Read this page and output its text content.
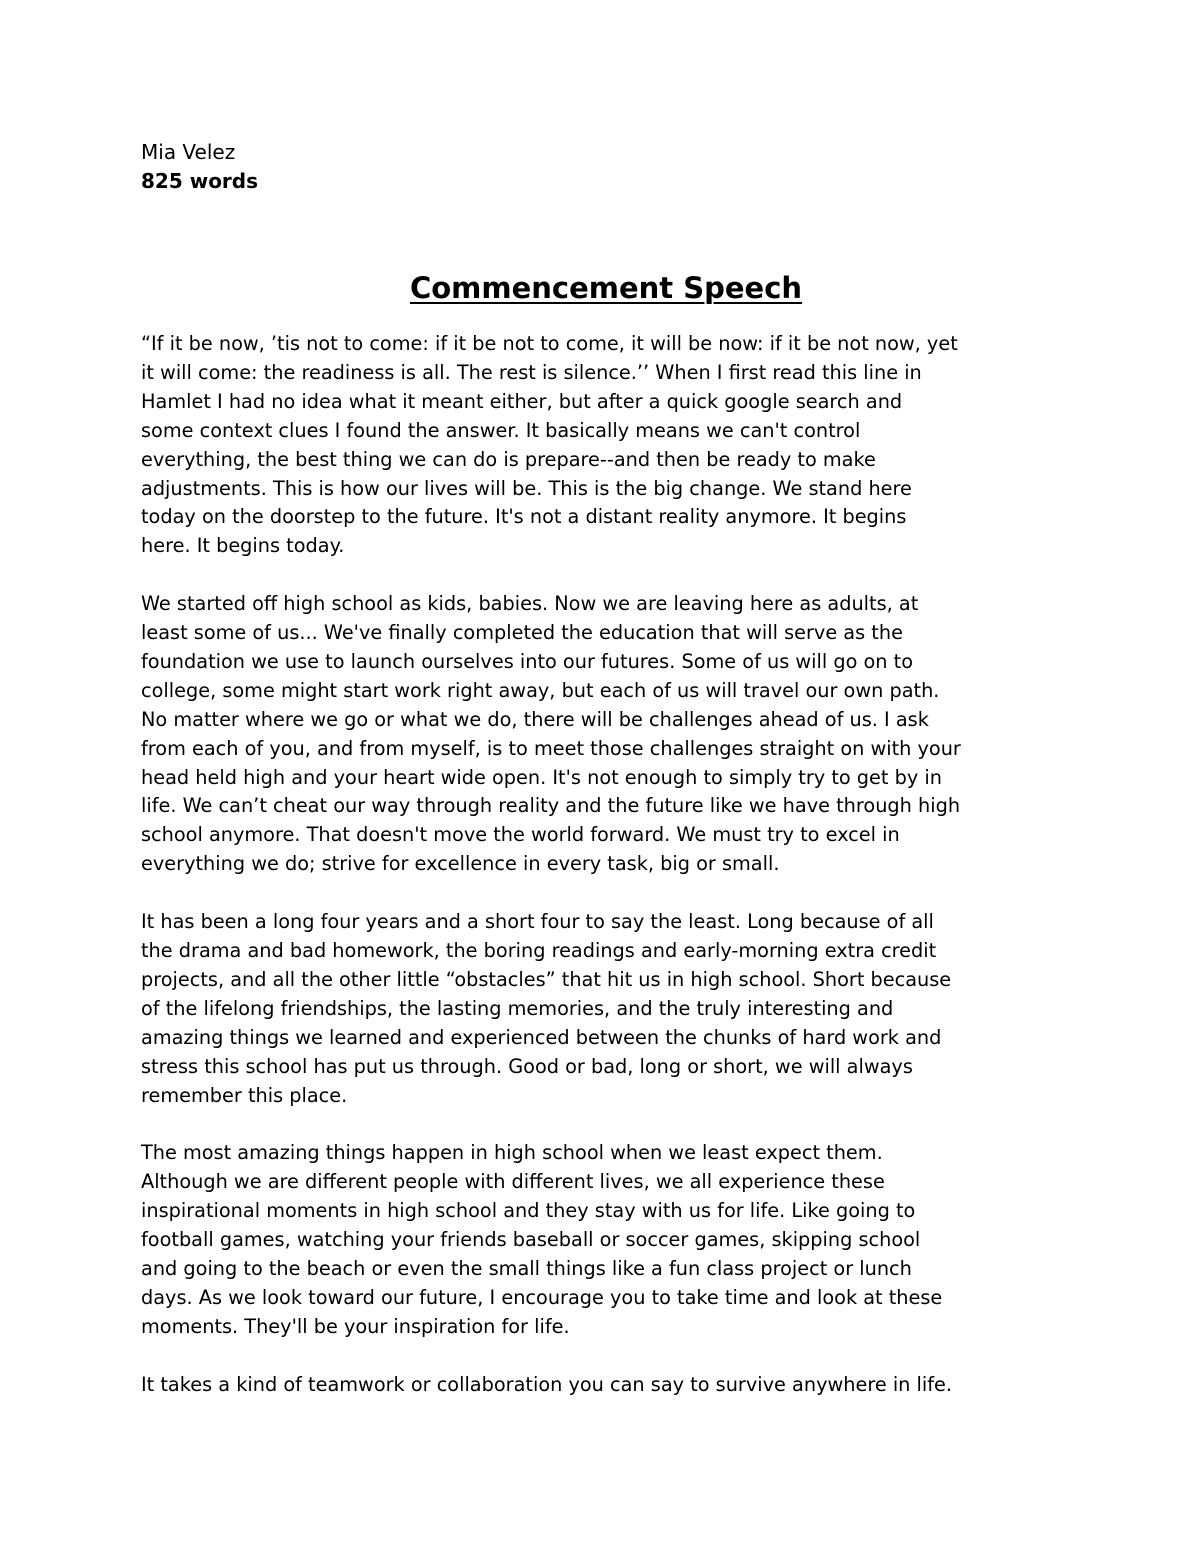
Mia Velez

825 words

Commencement Speech

“If it be now, ’tis not to come: if it be not to come, it will be now: if it be not now, yet
it will come: the readiness is all. The rest is silence.’’ When I first read this line in
Hamlet I had no idea what it meant either, but after a quick google search and
some context clues I found the answer. It basically means we can't control
everything, the best thing we can do is prepare--and then be ready to make
adjustments. This is how our lives will be. This is the big change. We stand here
today on the doorstep to the future. It's not a distant reality anymore. It begins
here. It begins today.

We started off high school as kids, babies. Now we are leaving here as adults, at
least some of us... We've finally completed the education that will serve as the
foundation we use to launch ourselves into our futures. Some of us will go on to
college, some might start work right away, but each of us will travel our own path.
No matter where we go or what we do, there will be challenges ahead of us. I ask
from each of you, and from myself, is to meet those challenges straight on with your
head held high and your heart wide open. It's not enough to simply try to get by in
life. We can’t cheat our way through reality and the future like we have through high
school anymore. That doesn't move the world forward. We must try to excel in
everything we do; strive for excellence in every task, big or small.

It has been a long four years and a short four to say the least. Long because of all
the drama and bad homework, the boring readings and early-morning extra credit
projects, and all the other little “obstacles” that hit us in high school. Short because
of the lifelong friendships, the lasting memories, and the truly interesting and
amazing things we learned and experienced between the chunks of hard work and
stress this school has put us through. Good or bad, long or short, we will always
remember this place.

The most amazing things happen in high school when we least expect them.
Although we are different people with different lives, we all experience these
inspirational moments in high school and they stay with us for life. Like going to
football games, watching your friends baseball or soccer games, skipping school
and going to the beach or even the small things like a fun class project or lunch
days. As we look toward our future, I encourage you to take time and look at these
moments. They'll be your inspiration for life.

It takes a kind of teamwork or collaboration you can say to survive anywhere in life.
